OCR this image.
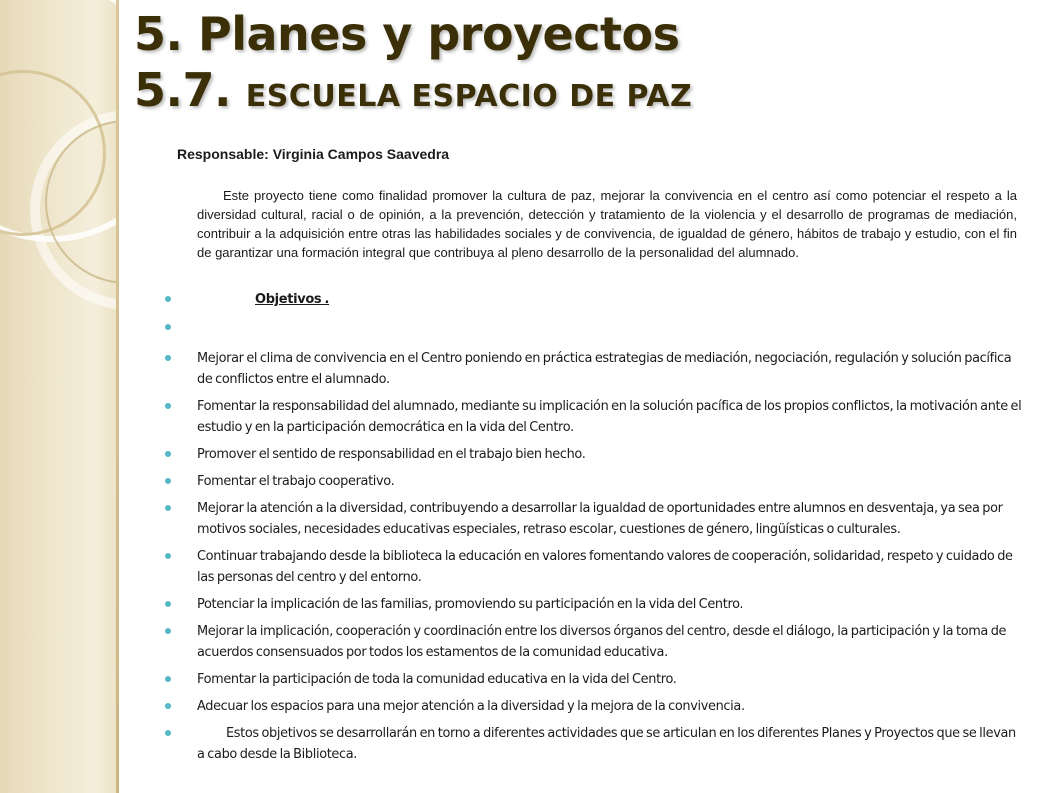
5. Planes y proyectos
5.7. ESCUELA ESPACIO DE PAZ

Responsable: Virginia Campos Saavedra

Este proyecto tiene como finalidad promover la cultura de paz, mejorar la convivencia en el centro así como potenciar el respeto a la diversidad cultural, racial o de opinión, a la prevención, detección y tratamiento de la violencia y el desarrollo de programas de mediación, contribuir a la adquisición entre otras las habilidades sociales y de convivencia, de igualdad de género, hábitos de trabajo y estudio, con el fin de garantizar una formación integral que contribuya al pleno desarrollo de la personalidad del alumnado.

Objetivos .
Mejorar el clima de convivencia en el Centro poniendo en práctica estrategias de mediación, negociación, regulación y solución pacífica de conflictos entre el alumnado.
Fomentar la responsabilidad del alumnado, mediante su implicación en la solución pacífica de los propios conflictos, la motivación ante el estudio y en la participación democrática en la vida del Centro.
Promover el sentido de responsabilidad en el trabajo bien hecho.
Fomentar el trabajo cooperativo.
Mejorar la atención a la diversidad, contribuyendo a desarrollar la igualdad de oportunidades entre alumnos en desventaja, ya sea por motivos sociales, necesidades educativas especiales, retraso escolar, cuestiones de género, lingüísticas o culturales.
Continuar trabajando desde la biblioteca la educación en valores fomentando valores de cooperación, solidaridad, respeto y cuidado de las personas del centro y del entorno.
Potenciar la implicación de las familias, promoviendo su participación en la vida del Centro.
Mejorar la implicación, cooperación y coordinación entre los diversos órganos del centro, desde el diálogo, la participación y la toma de acuerdos consensuados por todos los estamentos de la comunidad educativa.
Fomentar la participación de toda la comunidad educativa en la vida del Centro.
Adecuar los espacios para una mejor atención a la diversidad y la mejora de la convivencia.
Estos objetivos se desarrollarán en torno a diferentes actividades que se articulan en los diferentes Planes y Proyectos que se llevan a cabo desde la Biblioteca.
